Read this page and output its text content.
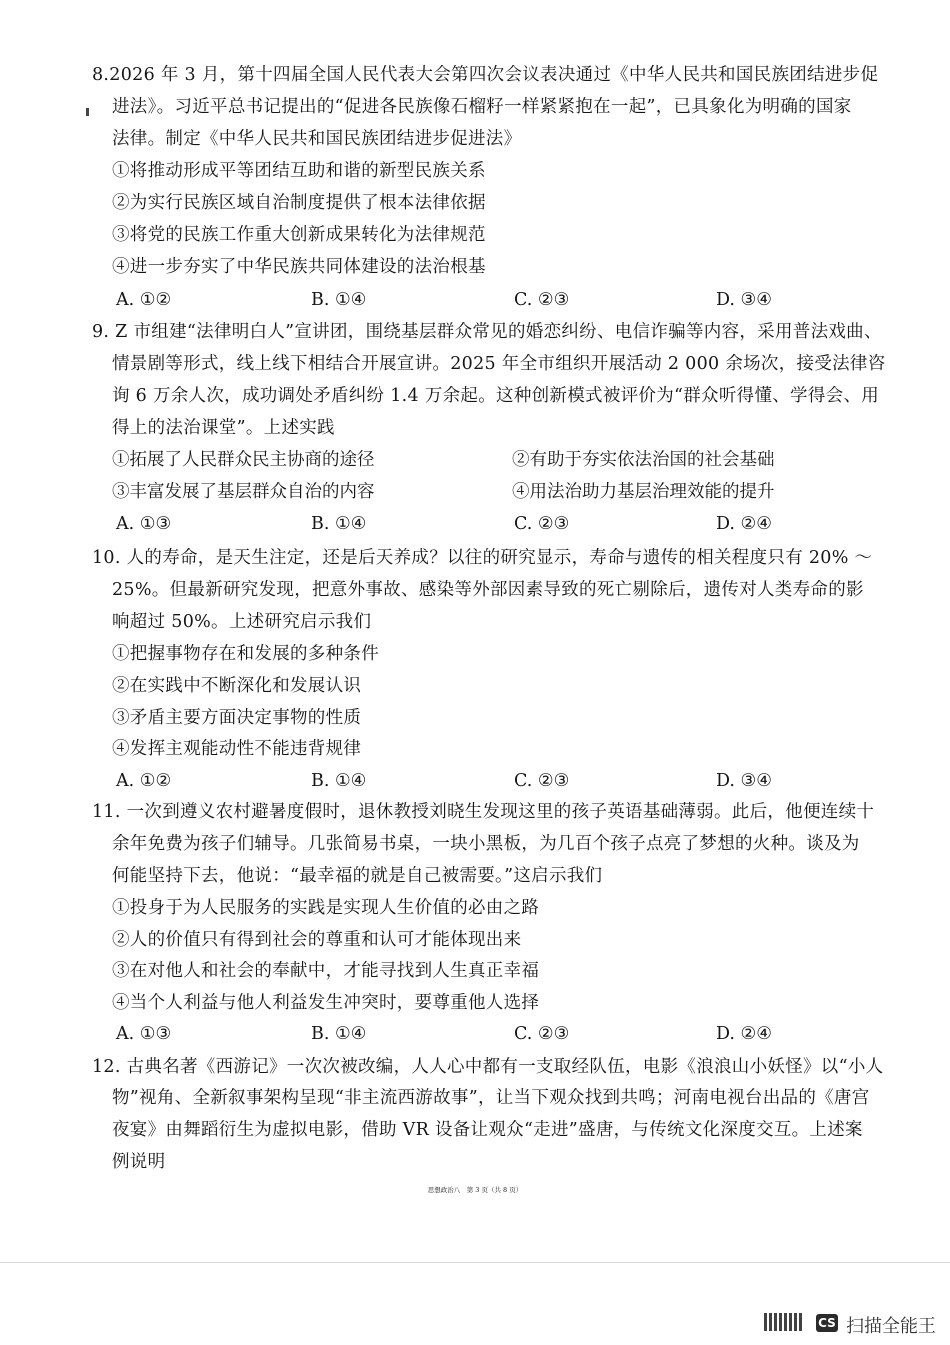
8.2026 年 3 月，第十四届全国人民代表大会第四次会议表决通过《中华人民共和国民族团结进步促
进法》。习近平总书记提出的“促进各民族像石榴籽一样紧紧抱在一起”，已具象化为明确的国家
法律。制定《中华人民共和国民族团结进步促进法》
①将推动形成平等团结互助和谐的新型民族关系
②为实行民族区域自治制度提供了根本法律依据
③将党的民族工作重大创新成果转化为法律规范
④进一步夯实了中华民族共同体建设的法治根基
A. ①②	B. ①④	C. ②③	D. ③④
9. Z 市组建“法律明白人”宣讲团，围绕基层群众常见的婚恋纠纷、电信诈骗等内容，采用普法戏曲、
情景剧等形式，线上线下相结合开展宣讲。2025 年全市组织开展活动 2 000 余场次，接受法律咨
询 6 万余人次，成功调处矛盾纠纷 1.4 万余起。这种创新模式被评价为“群众听得懂、学得会、用
得上的法治课堂”。上述实践
①拓展了人民群众民主协商的途径	②有助于夯实依法治国的社会基础
③丰富发展了基层群众自治的内容	④用法治助力基层治理效能的提升
A. ①③	B. ①④	C. ②③	D. ②④
10. 人的寿命，是天生注定，还是后天养成？以往的研究显示，寿命与遗传的相关程度只有 20% ～
25%。但最新研究发现，把意外事故、感染等外部因素导致的死亡剔除后，遗传对人类寿命的影
响超过 50%。上述研究启示我们
①把握事物存在和发展的多种条件
②在实践中不断深化和发展认识
③矛盾主要方面决定事物的性质
④发挥主观能动性不能违背规律
A. ①②	B. ①④	C. ②③	D. ③④
11. 一次到遵义农村避暑度假时，退休教授刘晓生发现这里的孩子英语基础薄弱。此后，他便连续十
余年免费为孩子们辅导。几张简易书桌，一块小黑板，为几百个孩子点亮了梦想的火种。谈及为
何能坚持下去，他说：“最幸福的就是自己被需要。”这启示我们
①投身于为人民服务的实践是实现人生价值的必由之路
②人的价值只有得到社会的尊重和认可才能体现出来
③在对他人和社会的奉献中，才能寻找到人生真正幸福
④当个人利益与他人利益发生冲突时，要尊重他人选择
A. ①③	B. ①④	C. ②③	D. ②④
12. 古典名著《西游记》一次次被改编，人人心中都有一支取经队伍，电影《浪浪山小妖怪》以“小人
物”视角、全新叙事架构呈现“非主流西游故事”，让当下观众找到共鸣；河南电视台出品的《唐宫
夜宴》由舞蹈衍生为虚拟电影，借助 VR 设备让观众“走进”盛唐，与传统文化深度交互。上述案
例说明
思想政治八　第 3 页（共 8 页）
CS 扫描全能王
